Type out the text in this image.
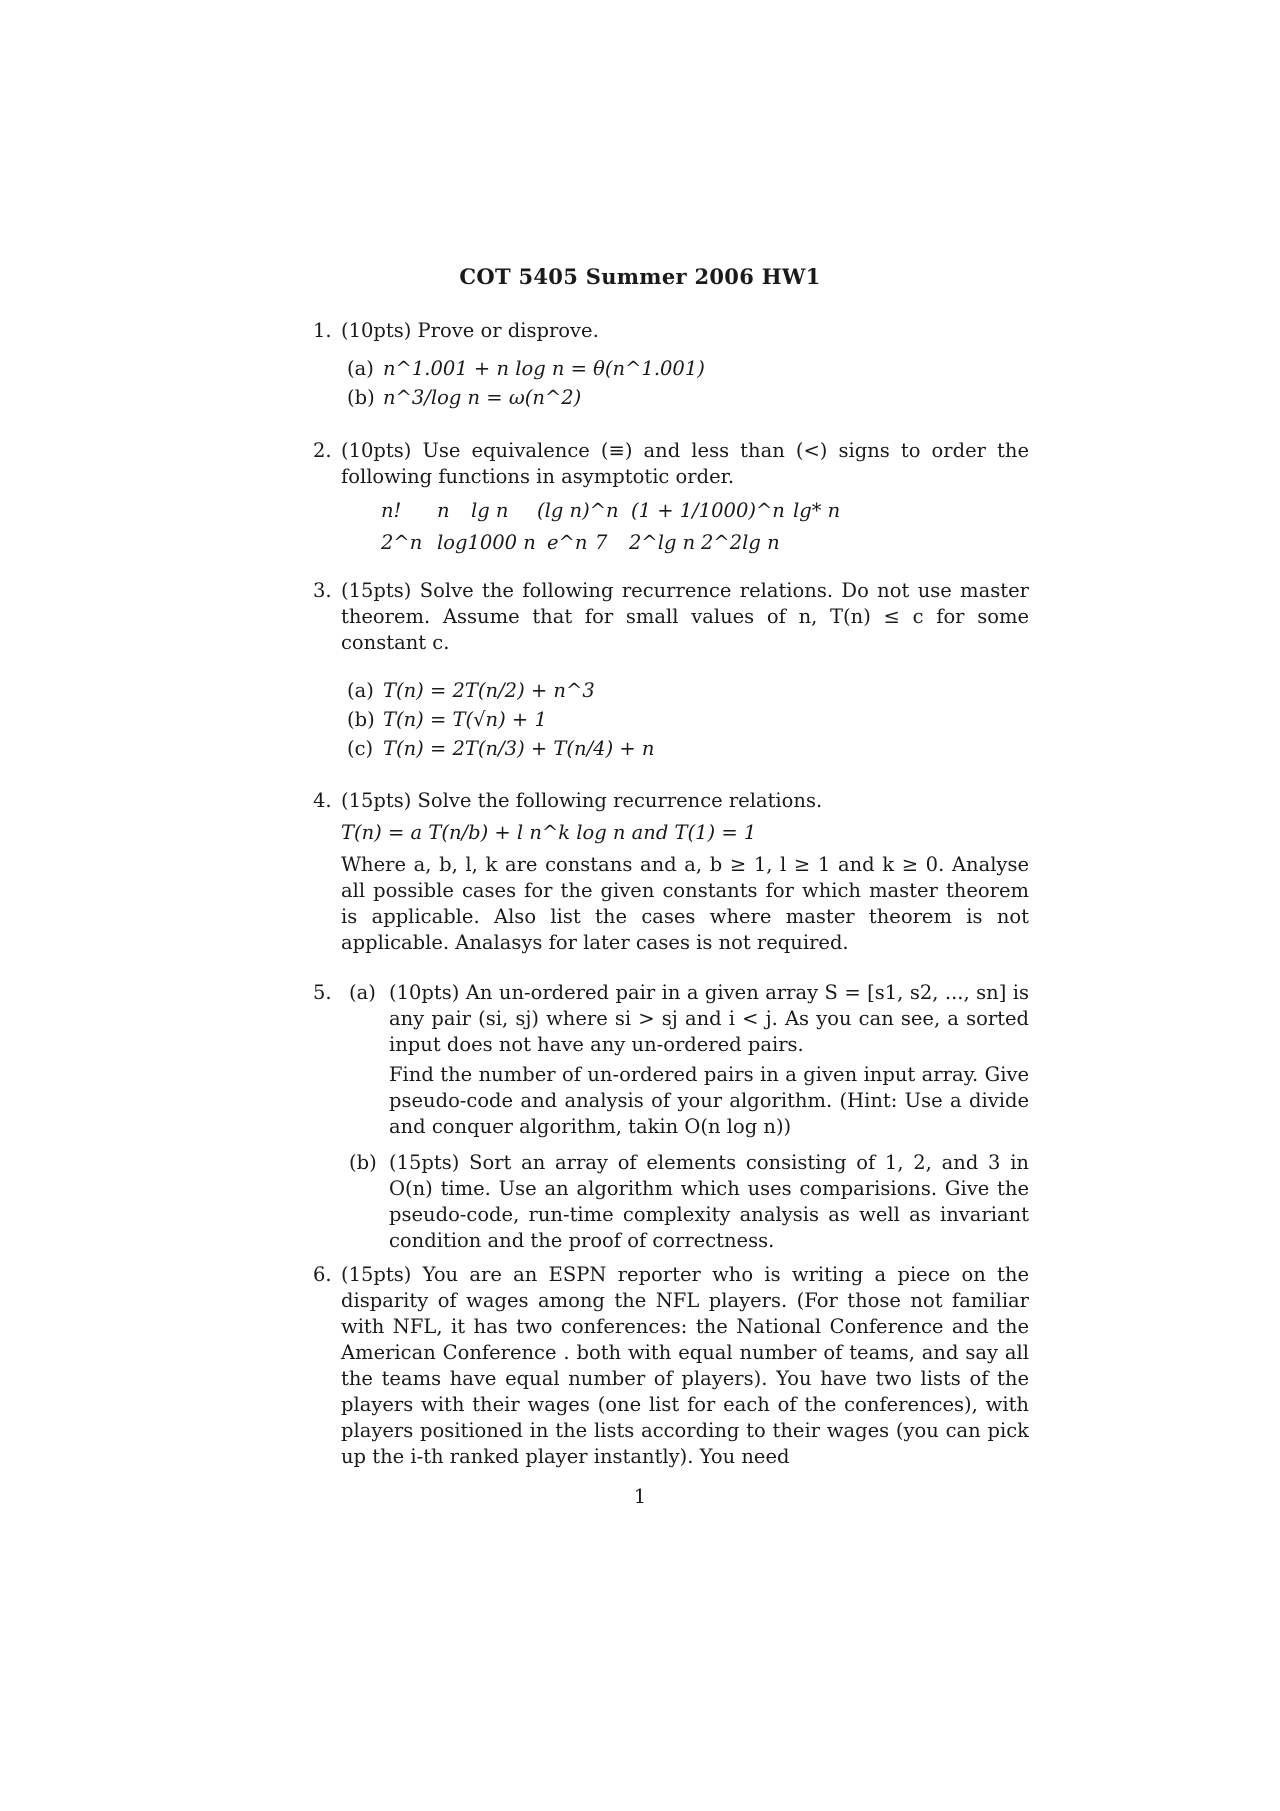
COT 5405 Summer 2006 HW1
1. (10pts) Prove or disprove.
(a) n^1.001 + n log n = θ(n^1.001)
(b) n^3/log n = ω(n^2)
2. (10pts) Use equivalence (≡) and less than (<) signs to order the following functions in asymptotic order.
n!	n	lg n	(lg n)^n (1 + 1/1000)^n lg* n
2^n log1000 n e^n 7	2^lg n 2^2lg n
3. (15pts) Solve the following recurrence relations. Do not use master theorem. Assume that for small values of n, T(n) ≤ c for some constant c.
(a) T(n) = 2T(n/2) + n^3
(b) T(n) = T(√n) + 1
(c) T(n) = 2T(n/3) + T(n/4) + n
4. (15pts) Solve the following recurrence relations.
T(n) = a T(n/b) + l n^k log n and T(1) = 1
Where a, b, l, k are constans and a, b ≥ 1, l ≥ 1 and k ≥ 0. Analyse all possible cases for the given constants for which master theorem is applicable. Also list the cases where master theorem is not applicable. Analasys for later cases is not required.
5. (a) (10pts) An un-ordered pair in a given array S = [s1, s2, ..., sn] is any pair (si, sj) where si > sj and i < j. As you can see, a sorted input does not have any un-ordered pairs.
Find the number of un-ordered pairs in a given input array. Give pseudo-code and analysis of your algorithm. (Hint: Use a divide and conquer algorithm, takin O(n log n))
(b) (15pts) Sort an array of elements consisting of 1, 2, and 3 in O(n) time. Use an algorithm which uses comparisions. Give the pseudo-code, run-time complexity analysis as well as invariant condition and the proof of correctness.
6. (15pts) You are an ESPN reporter who is writing a piece on the disparity of wages among the NFL players. (For those not familiar with NFL, it has two conferences: the National Conference and the American Conference . both with equal number of teams, and say all the teams have equal number of players). You have two lists of the players with their wages (one list for each of the conferences), with players positioned in the lists according to their wages (you can pick up the i-th ranked player instantly). You need
1
